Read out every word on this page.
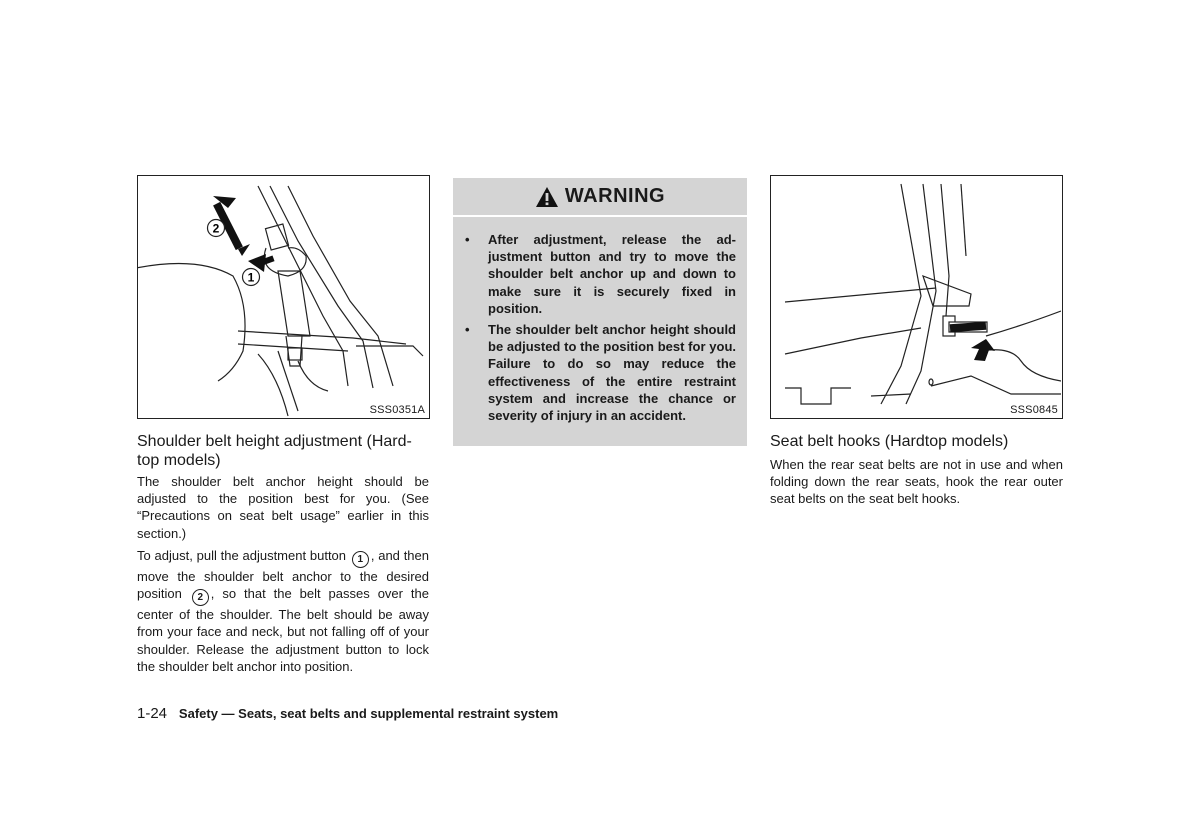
2
1
SSS0351A
Shoulder belt height adjustment (Hard-top models)

The shoulder belt anchor height should be adjusted to the position best for you. (See “Precautions on seat belt usage” earlier in this section.)

To adjust, pull the adjustment button 1 , and then move the shoulder belt anchor to the desired position 2 , so that the belt passes over the center of the shoulder. The belt should be away from your face and neck, but not falling off of your shoulder. Release the adjustment button to lock the shoulder belt anchor into position.

WARNING
• After adjustment, release the ad-justment button and try to move the shoulder belt anchor up and down to make sure it is securely fixed in position.
• The shoulder belt anchor height should be adjusted to the position best for you. Failure to do so may reduce the effectiveness of the entire restraint system and increase the chance or severity of injury in an accident.	SSS0845
Seat belt hooks (Hardtop models)

When the rear seat belts are not in use and when folding down the rear seats, hook the rear outer seat belts on the seat belt hooks.

1-24 Safety — Seats, seat belts and supplemental restraint system
